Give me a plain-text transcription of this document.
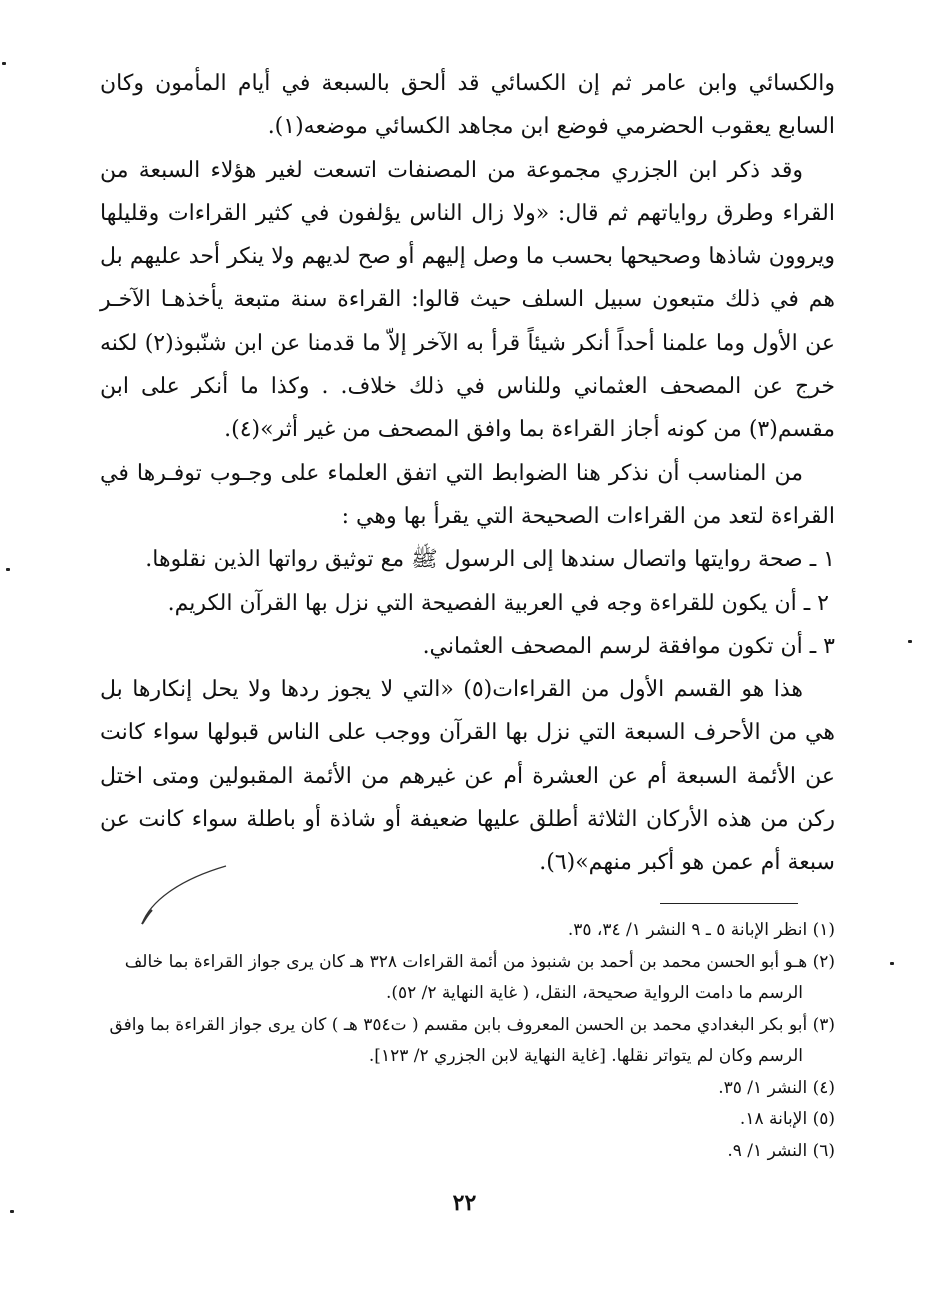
والكسائي وابن عامر ثم إن الكسائي قد ألحق بالسبعة في أيام المأمون وكان السابع يعقوب الحضرمي فوضع ابن مجاهد الكسائي موضعه(١).

وقد ذكر ابن الجزري مجموعة من المصنفات اتسعت لغير هؤلاء السبعة من القراء وطرق رواياتهم ثم قال: «ولا زال الناس يؤلفون في كثير القراءات وقليلها ويروون شاذها وصحيحها بحسب ما وصل إليهم أو صح لديهم ولا ينكر أحد عليهم بل هم في ذلك متبعون سبيل السلف حيث قالوا: القراءة سنة متبعة يأخذهـا الآخـر عن الأول وما علمنا أحداً أنكر شيئاً قرأ به الآخر إلاّ ما قدمنا عن ابن شنّبوذ(٢) لكنه خرج عن المصحف العثماني وللناس في ذلك خلاف. . وكذا ما أنكر على ابن مقسم(٣) من كونه أجاز القراءة بما وافق المصحف من غير أثر»(٤).

من المناسب أن نذكر هنا الضوابط التي اتفق العلماء على وجـوب توفـرها في القراءة لتعد من القراءات الصحيحة التي يقرأ بها وهي :

١ ـ صحة روايتها واتصال سندها إلى الرسول ﷺ مع توثيق رواتها الذين نقلوها.

٢ ـ أن يكون للقراءة وجه في العربية الفصيحة التي نزل بها القرآن الكريم.

٣ ـ أن تكون موافقة لرسم المصحف العثماني.

هذا هو القسم الأول من القراءات(٥) «التي لا يجوز ردها ولا يحل إنكارها بل هي من الأحرف السبعة التي نزل بها القرآن ووجب على الناس قبولها سواء كانت عن الأئمة السبعة أم عن العشرة أم عن غيرهم من الأئمة المقبولين ومتى اختل ركن من هذه الأركان الثلاثة أطلق عليها ضعيفة أو شاذة أو باطلة سواء كانت عن سبعة أم عمن هو أكبر منهم»(٦).

(١) انظر الإبانة ٥ ـ ٩ النشر ١/ ٣٤، ٣٥.

(٢) هـو أبو الحسن محمد بن أحمد بن شنبوذ من أئمة القراءات ٣٢٨ هـ كان يرى جواز القراءة بما خالف
الرسم ما دامت الرواية صحيحة، النقل، ( غاية النهاية ٢/ ٥٢).

(٣) أبو بكر البغدادي محمد بن الحسن المعروف بابن مقسم ( ت٣٥٤ هـ ) كان يرى جواز القراءة بما وافق
الرسم وكان لم يتواتر نقلها. [غاية النهاية لابن الجزري ٢/ ١٢٣].

(٤) النشر ١/ ٣٥.

(٥) الإبانة ١٨.

(٦) النشر ١/ ٩.

٢٢
